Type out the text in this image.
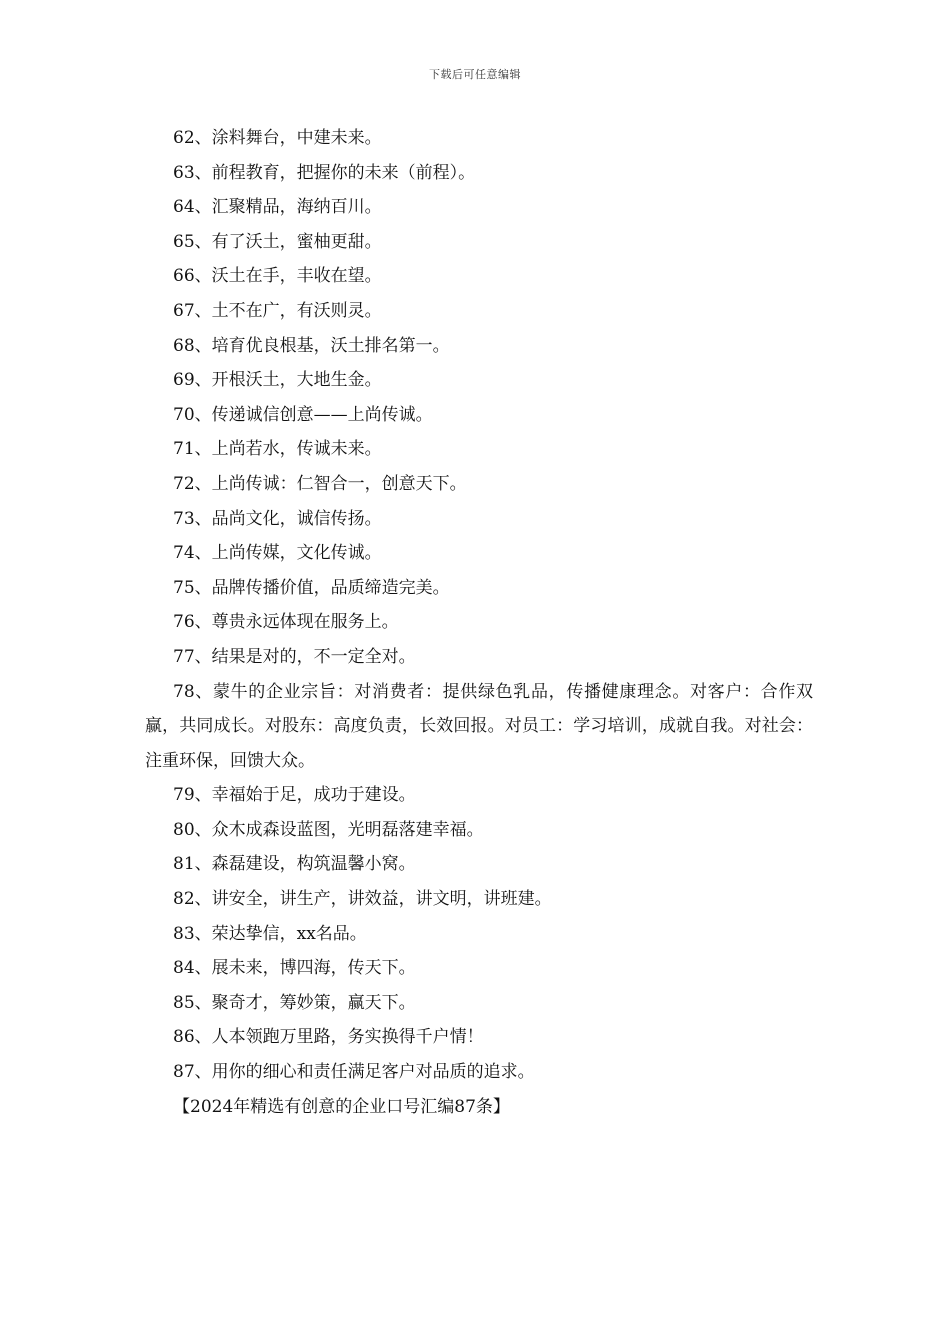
下载后可任意编辑

62、涂料舞台，中建未来。

63、前程教育，把握你的未来（前程）。

64、汇聚精品，海纳百川。

65、有了沃土，蜜柚更甜。

66、沃土在手，丰收在望。

67、土不在广，有沃则灵。

68、培育优良根基，沃土排名第一。

69、开根沃土，大地生金。

70、传递诚信创意——上尚传诚。

71、上尚若水，传诚未来。

72、上尚传诚：仁智合一，创意天下。

73、品尚文化，诚信传扬。

74、上尚传媒，文化传诚。

75、品牌传播价值，品质缔造完美。

76、尊贵永远体现在服务上。

77、结果是对的，不一定全对。

78、蒙牛的企业宗旨：对消费者：提供绿色乳品，传播健康理念。对客户：合作双赢，共同成长。对股东：高度负责，长效回报。对员工：学习培训，成就自我。对社会：注重环保，回馈大众。

79、幸福始于足，成功于建设。

80、众木成森设蓝图，光明磊落建幸福。

81、森磊建设，构筑温馨小窝。

82、讲安全，讲生产，讲效益，讲文明，讲班建。

83、荣达挚信，xx名品。

84、展未来，博四海，传天下。

85、聚奇才，筹妙策，赢天下。

86、人本领跑万里路，务实换得千户情！

87、用你的细心和责任满足客户对品质的追求。

【2024年精选有创意的企业口号汇编87条】
